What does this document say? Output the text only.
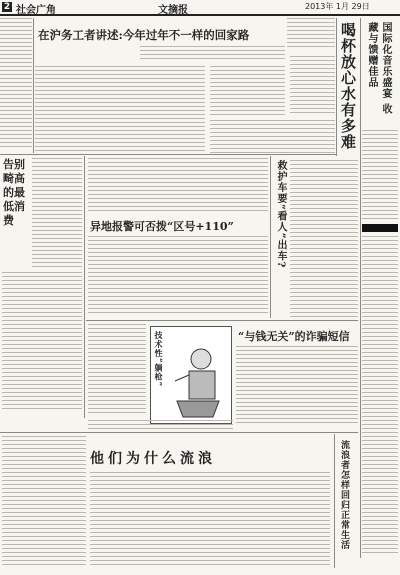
2 社会广角	文摘报	2013年 1月 29日
在沪务工者讲述:今年过年不一样的回家路	喝杯放心水有多难	国际化音乐盛宴 收藏与馈赠佳品
告别畸高的最低消费	救护车要“看人”出车?
异地报警可否拨“区号+110”
技术性“躺枪”	“与钱无关”的诈骗短信
他们为什么流浪	流浪者怎样回归正常生活
